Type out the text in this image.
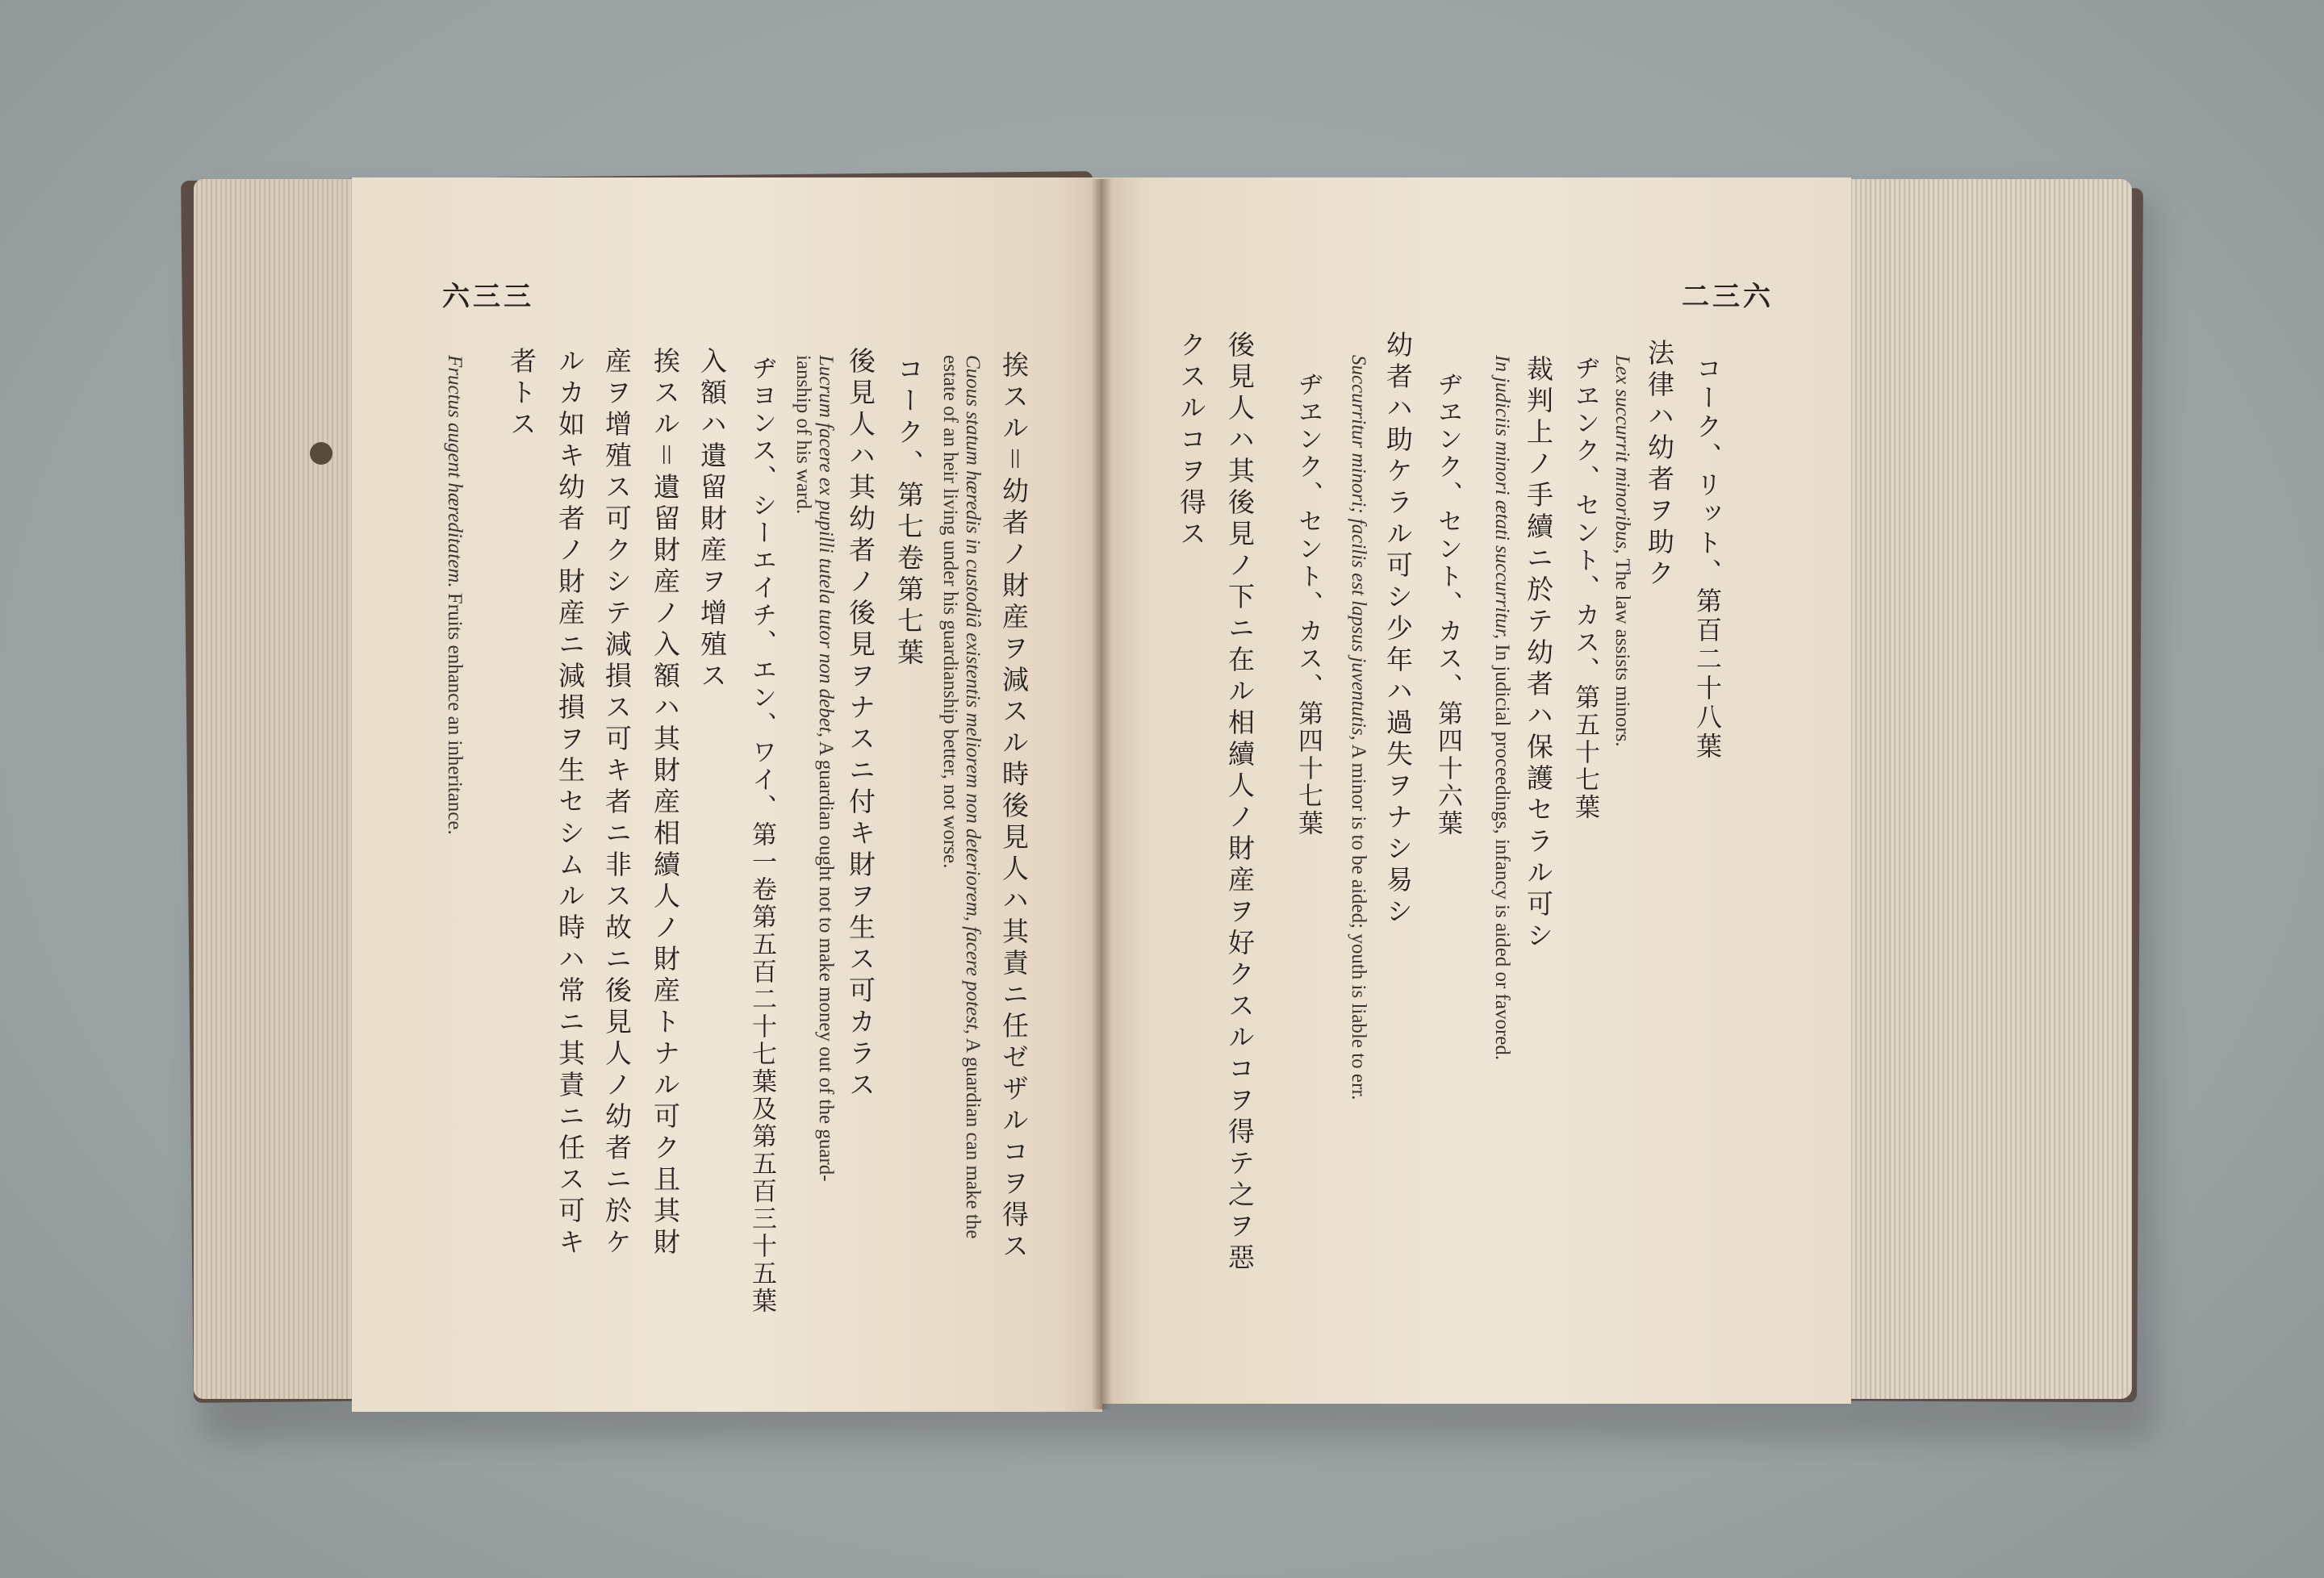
六三三
挨スル＝幼者ノ財産ヲ減スル時後見人ハ其責ニ任ゼザルコヲ得ス
Cuous statum hæredis in custodiâ existentis meliorem non deteriorem, facere potest, A guardian can make the
estate of an heir living under his guardianship better, not worse.
コーク、第七卷第七葉
後見人ハ其幼者ノ後見ヲナスニ付キ財ヲ生ス可カラス
Lucrum facere ex pupilli tutela tutor non debet, A guardian ought not to make money out of the guard-
ianship of his ward.
ヂヨンス、シーエイチ、エン、ワイ、第一卷第五百二十七葉及第五百三十五葉
入額ハ遺留財産ヲ增殖ス
挨スル＝遺留財産ノ入額ハ其財産相續人ノ財産トナル可ク且其財
産ヲ增殖ス可クシテ減損ス可キ者ニ非ス故ニ後見人ノ幼者ニ於ケ
ルカ如キ幼者ノ財産ニ減損ヲ生セシムル時ハ常ニ其責ニ任ス可キ
者トス
Fructus augent hæreditatem. Fruits enhance an inheritance.
二三六
コーク、リット、第百二十八葉
法律ハ幼者ヲ助ク
Lex succurrit minoribus, The law assists minors.
ヂヱンク、セント、カス、第五十七葉
裁判上ノ手續ニ於テ幼者ハ保護セラル可シ
In judiciis minori ætati succurritur, In judicial proceedings, infancy is aided or favored.
ヂヱンク、セント、カス、第四十六葉
幼者ハ助ケラル可シ少年ハ過失ヲナシ易シ
Succurritur minori; facilis est lapsus juventutis, A minor is to be aided; youth is liable to err.
ヂヱンク、セント、カス、第四十七葉
後見人ハ其後見ノ下ニ在ル相續人ノ財産ヲ好クスルコヲ得テ之ヲ惡
クスルコヲ得ス
